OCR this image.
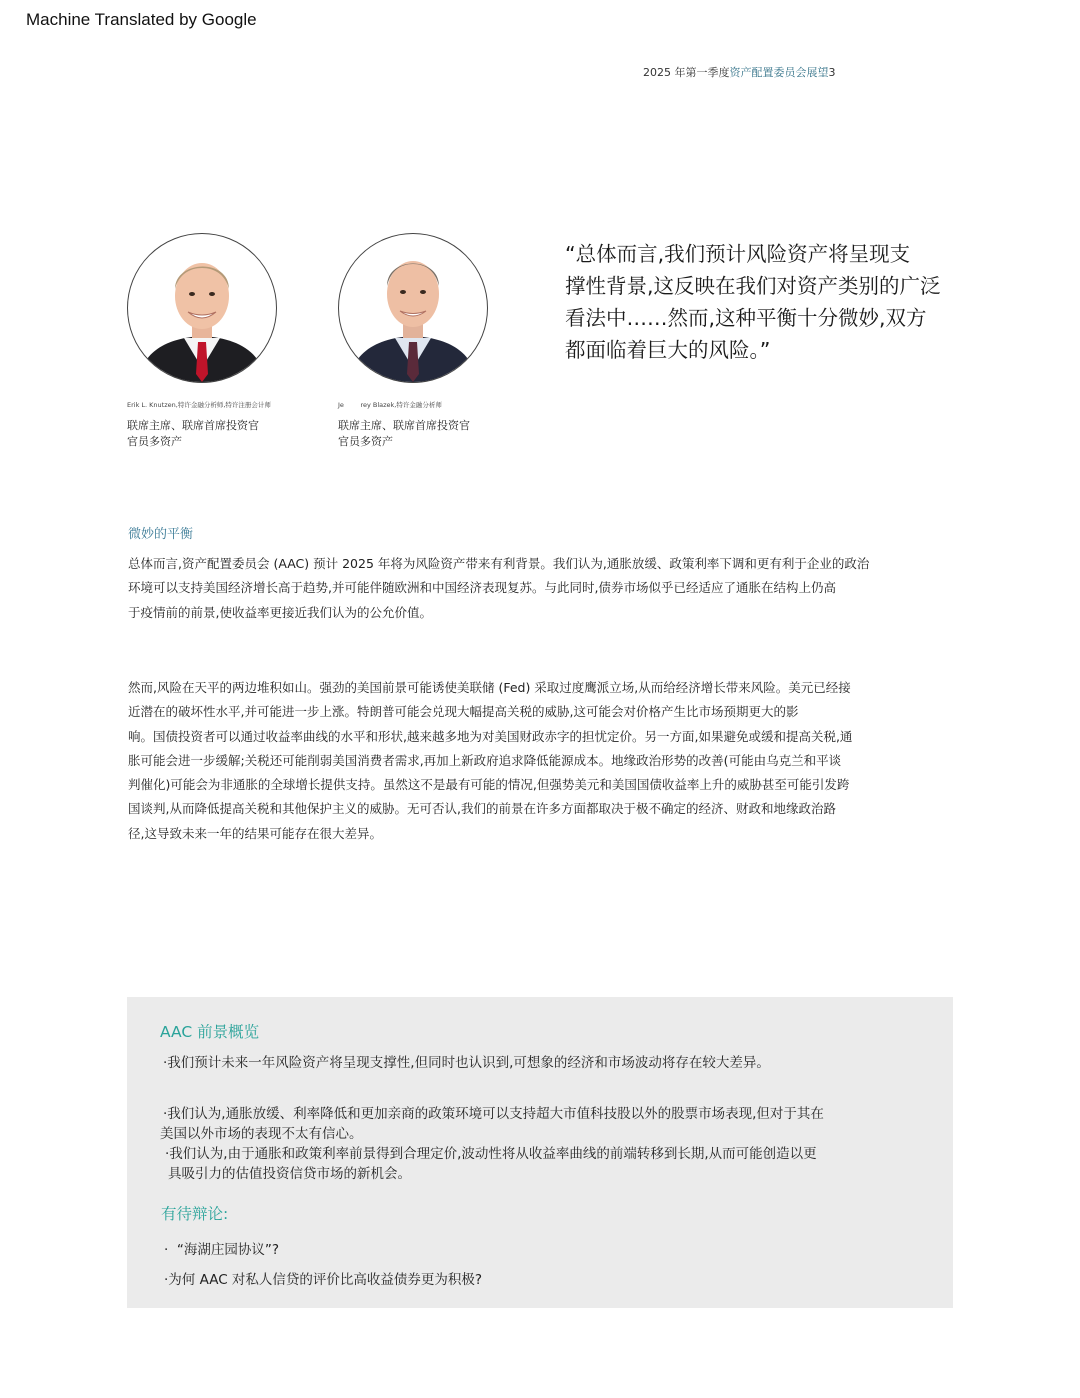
Machine Translated by Google
2025 年第一季度资产配置委员会展望3
Erik L. Knutzen,特许金融分析师,特许注册会计师
联席主席、联席首席投资官
官员多资产
Je        rey Blazek,特许金融分析师
联席主席、联席首席投资官
官员多资产
“总体而言,我们预计风险资产将呈现支
撑性背景,这反映在我们对资产类别的广泛
看法中……然而,这种平衡十分微妙,双方
都面临着巨大的风险。”
微妙的平衡
总体而言,资产配置委员会 (AAC) 预计 2025 年将为风险资产带来有利背景。我们认为,通胀放缓、政策利率下调和更有利于企业的政治
环境可以支持美国经济增长高于趋势,并可能伴随欧洲和中国经济表现复苏。与此同时,债券市场似乎已经适应了通胀在结构上仍高
于疫情前的前景,使收益率更接近我们认为的公允价值。
然而,风险在天平的两边堆积如山。强劲的美国前景可能诱使美联储 (Fed) 采取过度鹰派立场,从而给经济增长带来风险。美元已经接
近潜在的破坏性水平,并可能进一步上涨。特朗普可能会兑现大幅提高关税的威胁,这可能会对价格产生比市场预期更大的影
响。国债投资者可以通过收益率曲线的水平和形状,越来越多地为对美国财政赤字的担忧定价。另一方面,如果避免或缓和提高关税,通
胀可能会进一步缓解;关税还可能削弱美国消费者需求,再加上新政府追求降低能源成本。地缘政治形势的改善(可能由乌克兰和平谈
判催化)可能会为非通胀的全球增长提供支持。虽然这不是最有可能的情况,但强势美元和美国国债收益率上升的威胁甚至可能引发跨
国谈判,从而降低提高关税和其他保护主义的威胁。无可否认,我们的前景在许多方面都取决于极不确定的经济、财政和地缘政治路
径,这导致未来一年的结果可能存在很大差异。
AAC 前景概览
·我们预计未来一年风险资产将呈现支撑性,但同时也认识到,可想象的经济和市场波动将存在较大差异。
·我们认为,通胀放缓、利率降低和更加亲商的政策环境可以支持超大市值科技股以外的股票市场表现,但对于其在
美国以外市场的表现不太有信心。
·我们认为,由于通胀和政策利率前景得到合理定价,波动性将从收益率曲线的前端转移到长期,从而可能创造以更
具吸引力的估值投资信贷市场的新机会。
有待辩论:
·  “海湖庄园协议”?
·为何 AAC 对私人信贷的评价比高收益债券更为积极?
